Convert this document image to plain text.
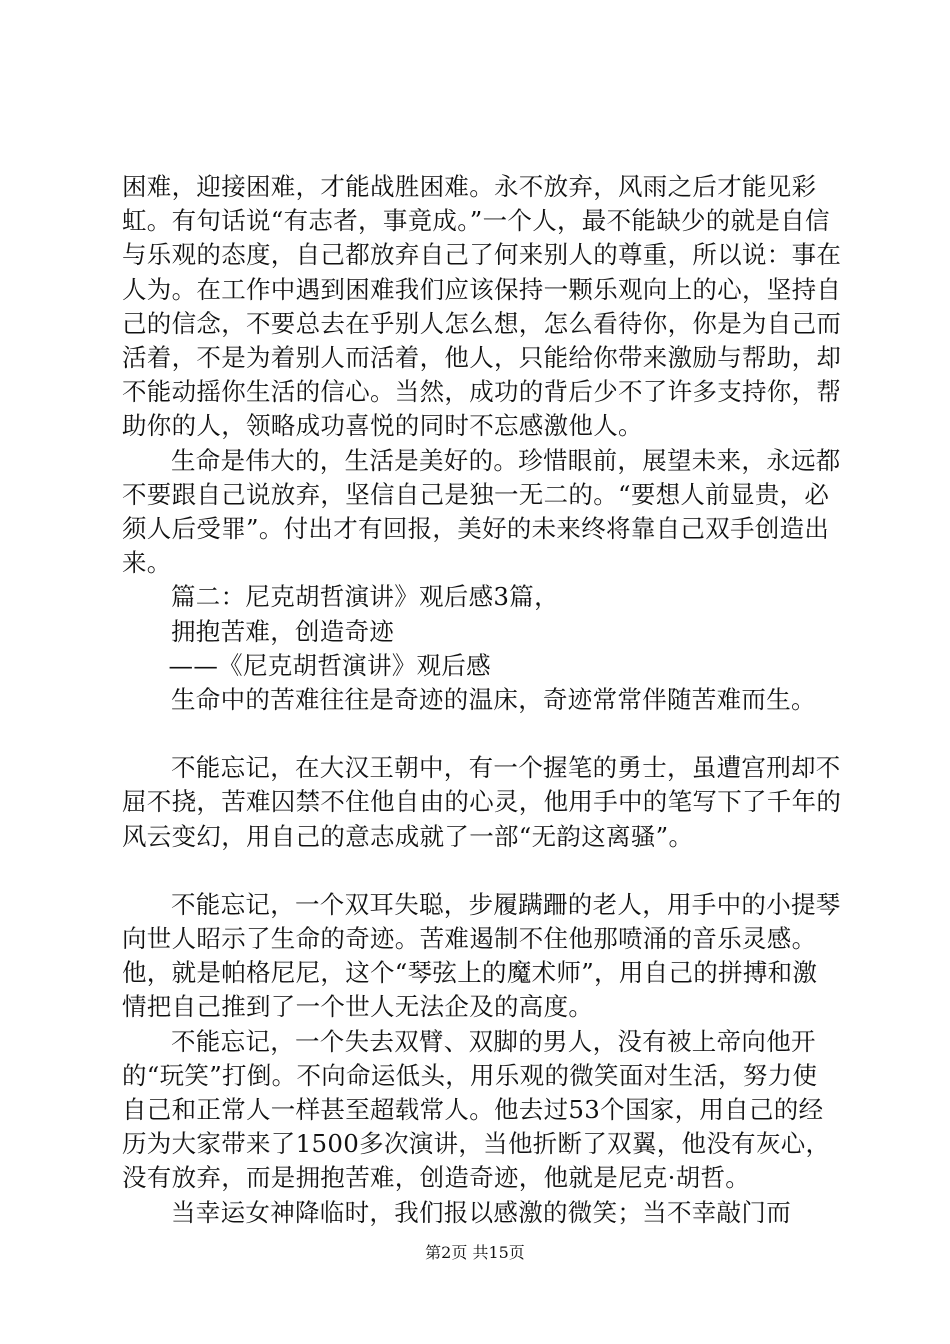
困难，迎接困难，才能战胜困难。永不放弃，风雨之后才能见彩虹。有句话说“有志者，事竟成。”一个人，最不能缺少的就是自信与乐观的态度，自己都放弃自己了何来别人的尊重，所以说：事在人为。在工作中遇到困难我们应该保持一颗乐观向上的心，坚持自己的信念，不要总去在乎别人怎么想，怎么看待你，你是为自己而活着，不是为着别人而活着，他人，只能给你带来激励与帮助，却不能动摇你生活的信心。当然，成功的背后少不了许多支持你，帮助你的人，领略成功喜悦的同时不忘感激他人。

生命是伟大的，生活是美好的。珍惜眼前，展望未来，永远都不要跟自己说放弃，坚信自己是独一无二的。“要想人前显贵，必须人后受罪”。付出才有回报，美好的未来终将靠自己双手创造出来。

篇二：尼克胡哲演讲》观后感3篇，

拥抱苦难，创造奇迹

——《尼克胡哲演讲》观后感

生命中的苦难往往是奇迹的温床，奇迹常常伴随苦难而生。

不能忘记，在大汉王朝中，有一个握笔的勇士，虽遭宫刑却不屈不挠，苦难囚禁不住他自由的心灵，他用手中的笔写下了千年的风云变幻，用自己的意志成就了一部“无韵这离骚”。

不能忘记，一个双耳失聪，步履蹒跚的老人，用手中的小提琴向世人昭示了生命的奇迹。苦难遏制不住他那喷涌的音乐灵感。他，就是帕格尼尼，这个“琴弦上的魔术师”，用自己的拼搏和激情把自己推到了一个世人无法企及的高度。

不能忘记，一个失去双臂、双脚的男人，没有被上帝向他开的“玩笑”打倒。不向命运低头，用乐观的微笑面对生活，努力使自己和正常人一样甚至超载常人。他去过53个国家，用自己的经历为大家带来了1500多次演讲，当他折断了双翼，他没有灰心，没有放弃，而是拥抱苦难，创造奇迹，他就是尼克·胡哲。

当幸运女神降临时，我们报以感激的微笑；当不幸敲门而

第2页 共15页
